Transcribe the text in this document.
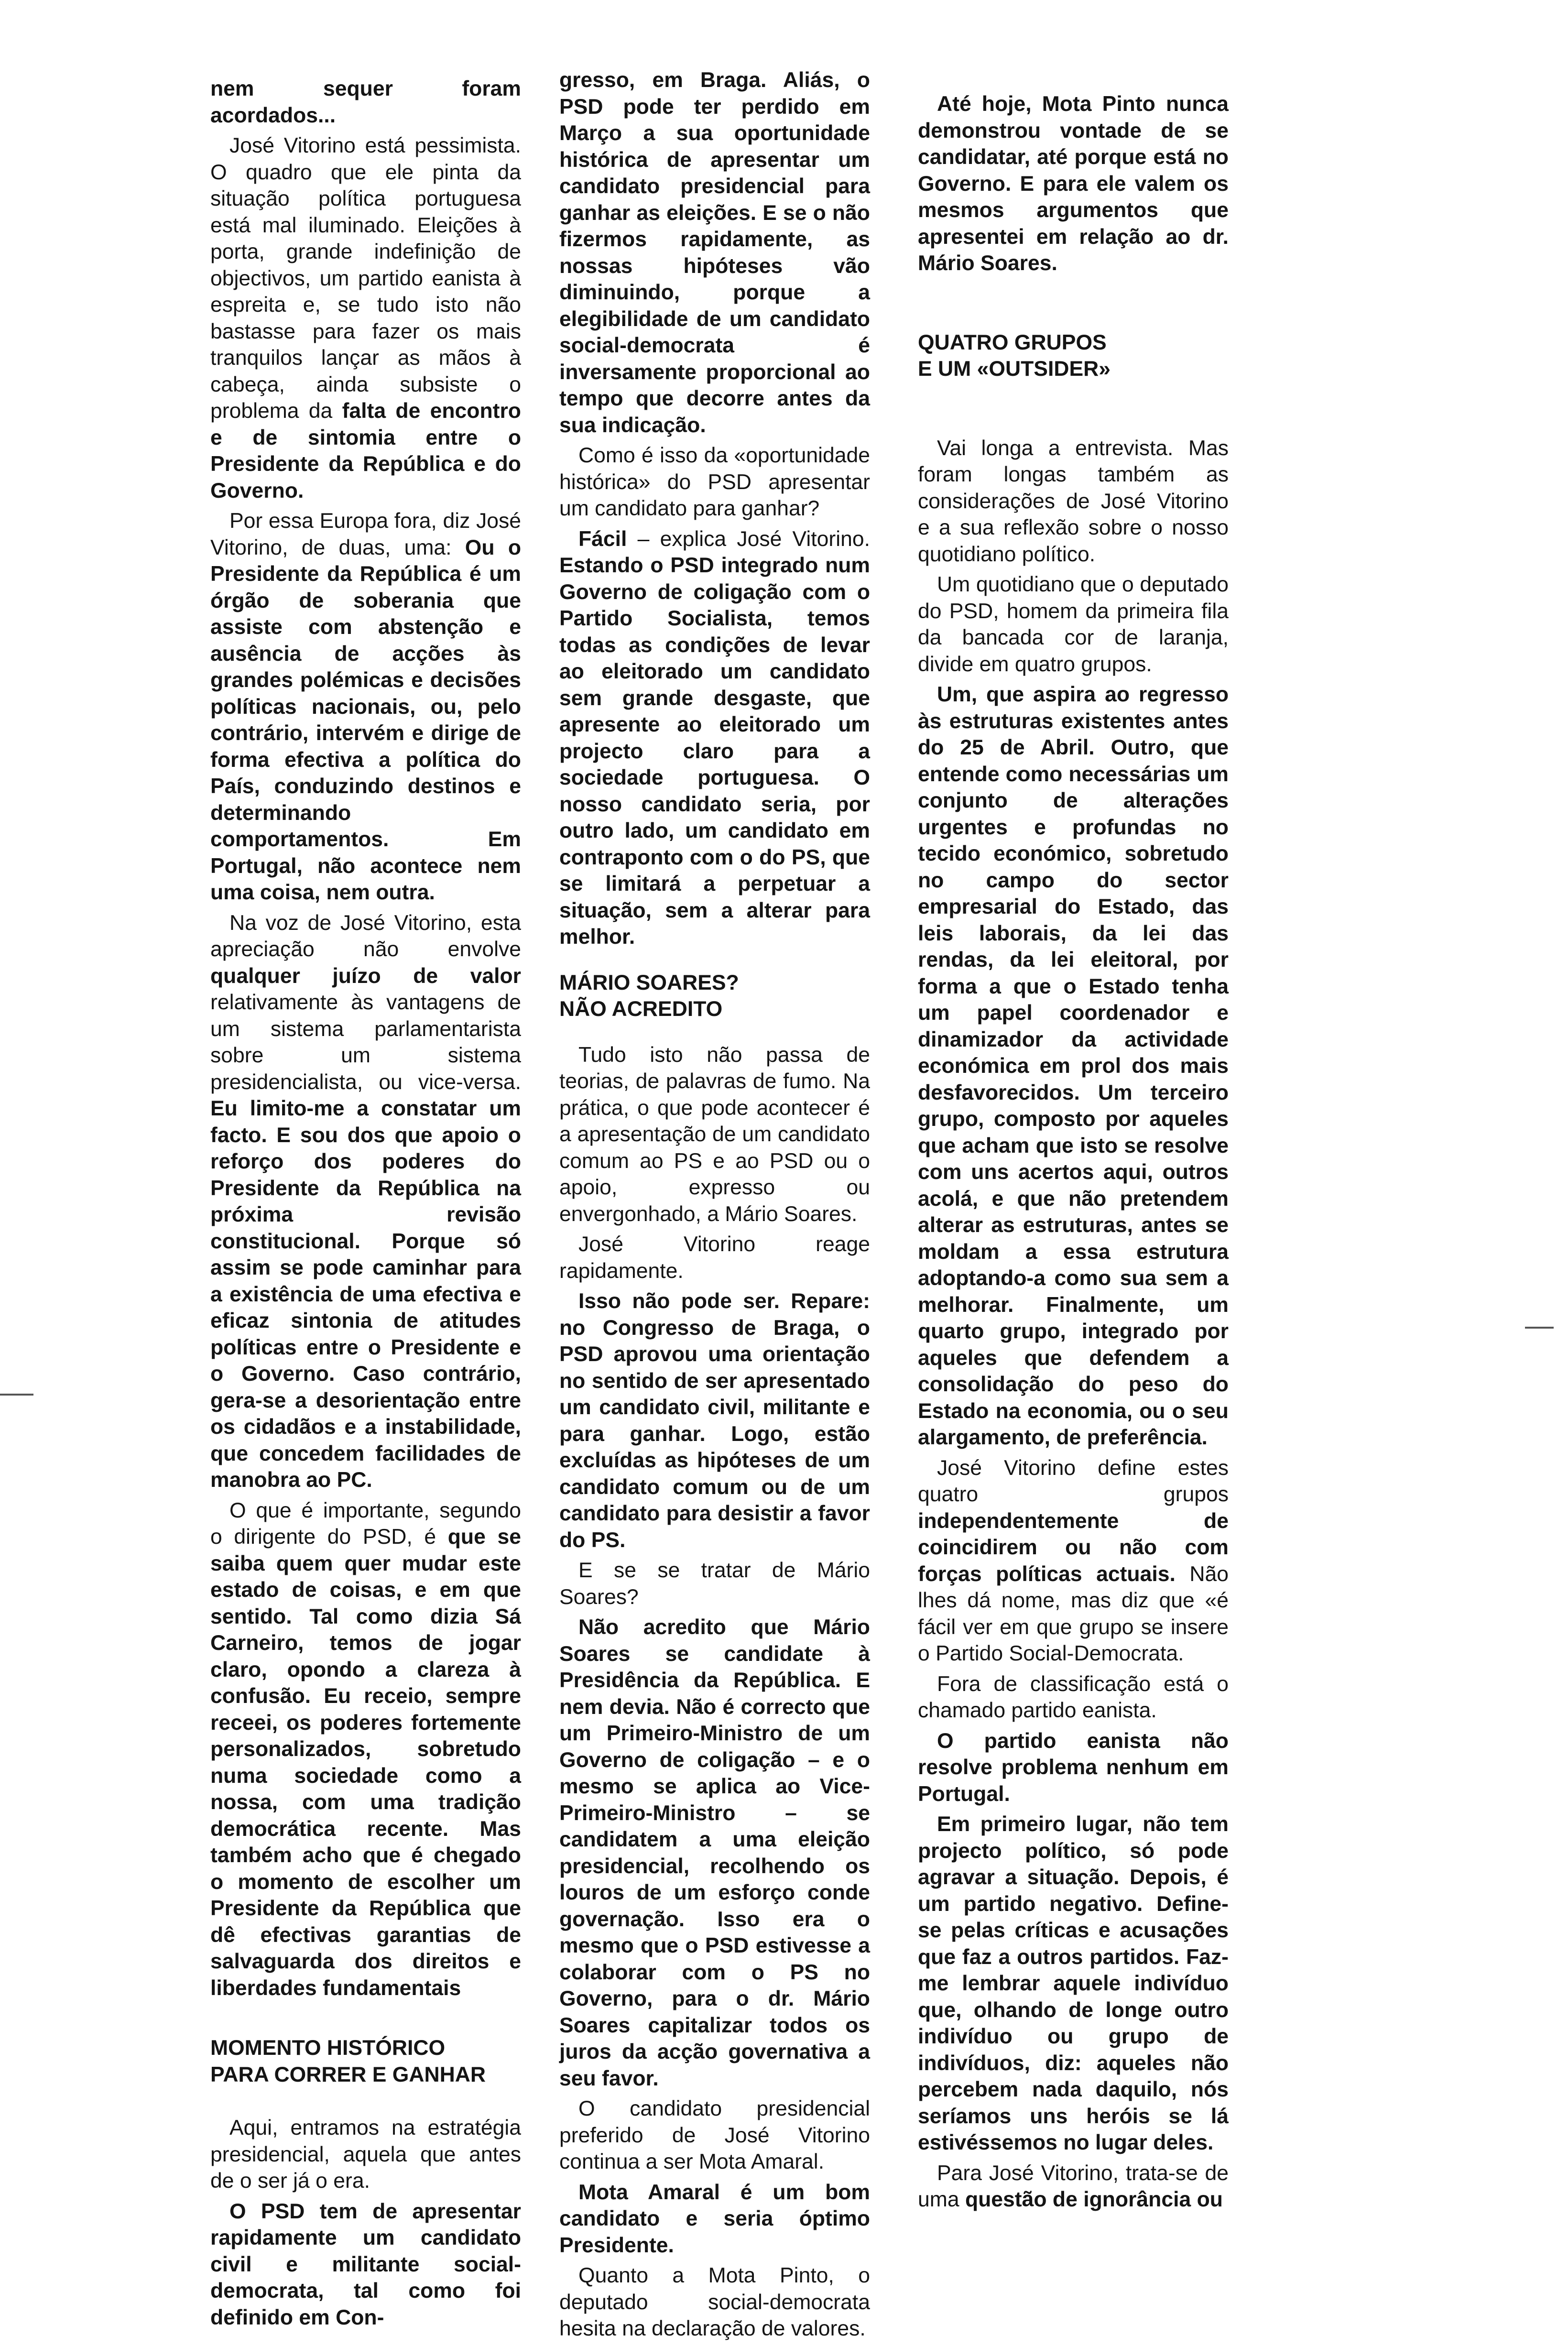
nem sequer foram acordados...

José Vitorino está pessimista. O quadro que ele pinta da situação política portuguesa está mal iluminado. Eleições à porta, grande indefinição de objectivos, um partido eanista à espreita e, se tudo isto não bastasse para fazer os mais tranquilos lançar as mãos à cabeça, ainda subsiste o problema da falta de encontro e de sintomia entre o Presidente da República e do Governo.

Por essa Europa fora, diz José Vitorino, de duas, uma: Ou o Presidente da República é um órgão de soberania que assiste com abstenção e ausência de acções às grandes polémicas e decisões políticas nacionais, ou, pelo contrário, intervém e dirige de forma efectiva a política do País, conduzindo destinos e determinando comportamentos. Em Portugal, não acontece nem uma coisa, nem outra.

Na voz de José Vitorino, esta apreciação não envolve qualquer juízo de valor relativamente às vantagens de um sistema parlamentarista sobre um sistema presidencialista, ou vice-versa. Eu limito-me a constatar um facto. E sou dos que apoio o reforço dos poderes do Presidente da República na próxima revisão constitucional. Porque só assim se pode caminhar para a existência de uma efectiva e eficaz sintonia de atitudes políticas entre o Presidente e o Governo. Caso contrário, gera-se a desorientação entre os cidadãos e a instabilidade, que concedem facilidades de manobra ao PC.

O que é importante, segundo o dirigente do PSD, é que se saiba quem quer mudar este estado de coisas, e em que sentido. Tal como dizia Sá Carneiro, temos de jogar claro, opondo a clareza à confusão. Eu receio, sempre receei, os poderes fortemente personalizados, sobretudo numa sociedade como a nossa, com uma tradição democrática recente. Mas também acho que é chegado o momento de escolher um Presidente da República que dê efectivas garantias de salvaguarda dos direitos e liberdades fundamentais

MOMENTO HISTÓRICO
PARA CORRER E GANHAR

Aqui, entramos na estratégia presidencial, aquela que antes de o ser já o era.

O PSD tem de apresentar rapidamente um candidato civil e militante social-democrata, tal como foi definido em Con-

gresso, em Braga. Aliás, o PSD pode ter perdido em Março a sua oportunidade histórica de apresentar um candidato presidencial para ganhar as eleições. E se o não fizermos rapidamente, as nossas hipóteses vão diminuindo, porque a elegibilidade de um candidato social-democrata é inversamente proporcional ao tempo que decorre antes da sua indicação.

Como é isso da «oportunidade histórica» do PSD apresentar um candidato para ganhar?

Fácil – explica José Vitorino. Estando o PSD integrado num Governo de coligação com o Partido Socialista, temos todas as condições de levar ao eleitorado um candidato sem grande desgaste, que apresente ao eleitorado um projecto claro para a sociedade portuguesa. O nosso candidato seria, por outro lado, um candidato em contraponto com o do PS, que se limitará a perpetuar a situação, sem a alterar para melhor.

MÁRIO SOARES?
NÃO ACREDITO

Tudo isto não passa de teorias, de palavras de fumo. Na prática, o que pode acontecer é a apresentação de um candidato comum ao PS e ao PSD ou o apoio, expresso ou envergonhado, a Mário Soares.

José Vitorino reage rapidamente.

Isso não pode ser. Repare: no Congresso de Braga, o PSD aprovou uma orientação no sentido de ser apresentado um candidato civil, militante e para ganhar. Logo, estão excluídas as hipóteses de um candidato comum ou de um candidato para desistir a favor do PS.

E se se tratar de Mário Soares?

Não acredito que Mário Soares se candidate à Presidência da República. E nem devia. Não é correcto que um Primeiro-Ministro de um Governo de coligação – e o mesmo se aplica ao Vice-Primeiro-Ministro – se candidatem a uma eleição presidencial, recolhendo os louros de um esforço conde governação. Isso era o mesmo que o PSD estivesse a colaborar com o PS no Governo, para o dr. Mário Soares capitalizar todos os juros da acção governativa a seu favor.

O candidato presidencial preferido de José Vitorino continua a ser Mota Amaral.

Mota Amaral é um bom candidato e seria óptimo Presidente.

Quanto a Mota Pinto, o deputado social-democrata hesita na declaração de valores.

Até hoje, Mota Pinto nunca demonstrou vontade de se candidatar, até porque está no Governo. E para ele valem os mesmos argumentos que apresentei em relação ao dr. Mário Soares.

QUATRO GRUPOS
E UM «OUTSIDER»

Vai longa a entrevista. Mas foram longas também as considerações de José Vitorino e a sua reflexão sobre o nosso quotidiano político.

Um quotidiano que o deputado do PSD, homem da primeira fila da bancada cor de laranja, divide em quatro grupos.

Um, que aspira ao regresso às estruturas existentes antes do 25 de Abril. Outro, que entende como necessárias um conjunto de alterações urgentes e profundas no tecido económico, sobretudo no campo do sector empresarial do Estado, das leis laborais, da lei das rendas, da lei eleitoral, por forma a que o Estado tenha um papel coordenador e dinamizador da actividade económica em prol dos mais desfavorecidos. Um terceiro grupo, composto por aqueles que acham que isto se resolve com uns acertos aqui, outros acolá, e que não pretendem alterar as estruturas, antes se moldam a essa estrutura adoptando-a como sua sem a melhorar. Finalmente, um quarto grupo, integrado por aqueles que defendem a consolidação do peso do Estado na economia, ou o seu alargamento, de preferência.

José Vitorino define estes quatro grupos independentemente de coincidirem ou não com forças políticas actuais. Não lhes dá nome, mas diz que «é fácil ver em que grupo se insere o Partido Social-Democrata.

Fora de classificação está o chamado partido eanista.

O partido eanista não resolve problema nenhum em Portugal.

Em primeiro lugar, não tem projecto político, só pode agravar a situação. Depois, é um partido negativo. Define-se pelas críticas e acusações que faz a outros partidos. Faz-me lembrar aquele indivíduo que, olhando de longe outro indivíduo ou grupo de indivíduos, diz: aqueles não percebem nada daquilo, nós seríamos uns heróis se lá estivéssemos no lugar deles.

Para José Vitorino, trata-se de uma questão de ignorância ou
